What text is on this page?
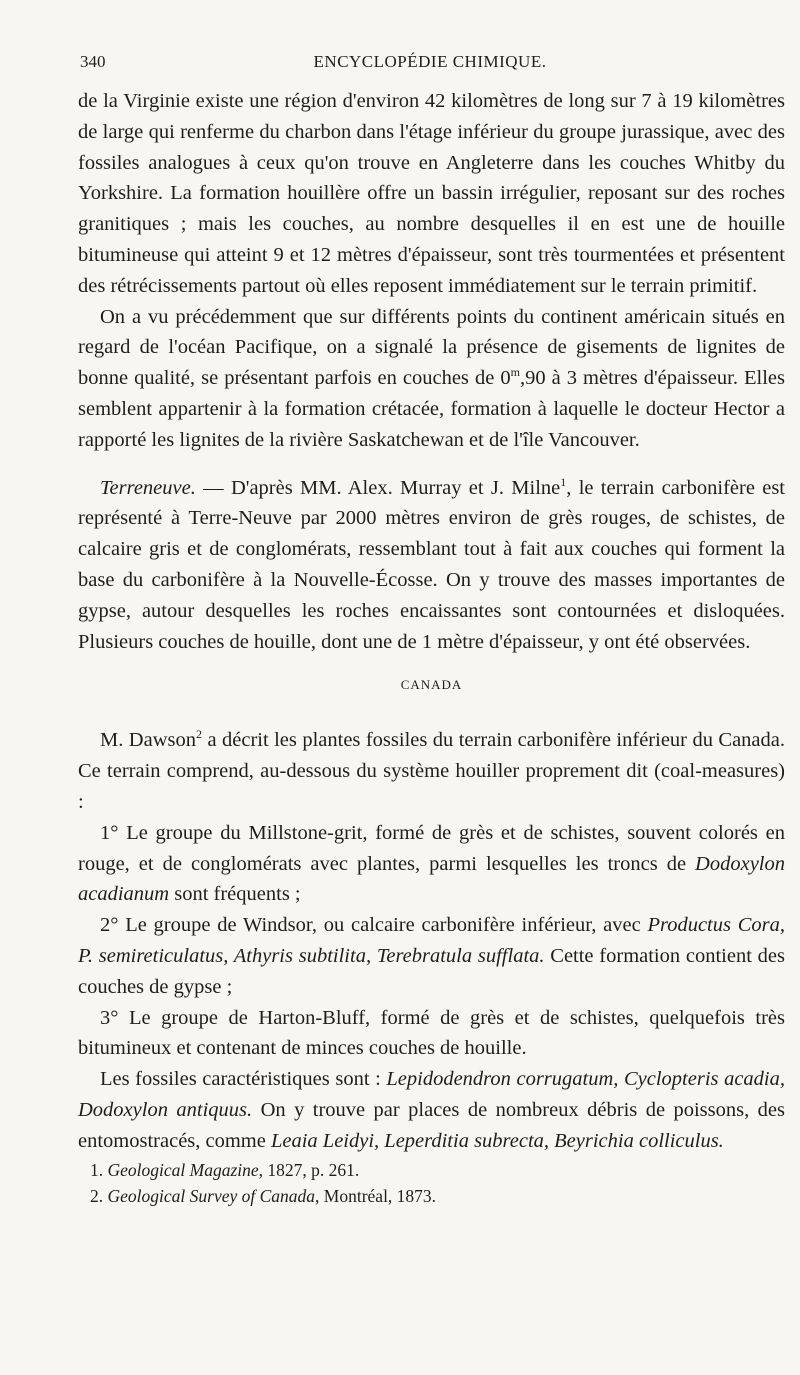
340	ENCYCLOPÉDIE CHIMIQUE.

de la Virginie existe une région d'environ 42 kilomètres de long sur 7 à 19 kilomètres de large qui renferme du charbon dans l'étage inférieur du groupe jurassique, avec des fossiles analogues à ceux qu'on trouve en Angleterre dans les couches Whitby du Yorkshire. La formation houillère offre un bassin irrégulier, reposant sur des roches granitiques ; mais les couches, au nombre desquelles il en est une de houille bitumineuse qui atteint 9 et 12 mètres d'épaisseur, sont très tourmentées et présentent des rétrécissements partout où elles reposent immédiatement sur le terrain primitif.

On a vu précédemment que sur différents points du continent américain situés en regard de l'océan Pacifique, on a signalé la présence de gisements de lignites de bonne qualité, se présentant parfois en couches de 0$^m$,90 à 3 mètres d'épaisseur. Elles semblent appartenir à la formation crétacée, formation à laquelle le docteur Hector a rapporté les lignites de la rivière Saskatchewan et de l'île Vancouver.

Terreneuve. — D'après MM. Alex. Murray et J. Milne$^1$, le terrain carbonifère est représenté à Terre-Neuve par 2000 mètres environ de grès rouges, de schistes, de calcaire gris et de conglomérats, ressemblant tout à fait aux couches qui forment la base du carbonifère à la Nouvelle-Écosse. On y trouve des masses importantes de gypse, autour desquelles les roches encaissantes sont contournées et disloquées. Plusieurs couches de houille, dont une de 1 mètre d'épaisseur, y ont été observées.

CANADA

M. Dawson$^2$ a décrit les plantes fossiles du terrain carbonifère inférieur du Canada. Ce terrain comprend, au-dessous du système houiller proprement dit (coal-measures) :

1° Le groupe du Millstone-grit, formé de grès et de schistes, souvent colorés en rouge, et de conglomérats avec plantes, parmi lesquelles les troncs de Dodoxylon acadianum sont fréquents ;

2° Le groupe de Windsor, ou calcaire carbonifère inférieur, avec Productus Cora, P. semireticulatus, Athyris subtilita, Terebratula sufflata. Cette formation contient des couches de gypse ;

3° Le groupe de Harton-Bluff, formé de grès et de schistes, quelquefois très bitumineux et contenant de minces couches de houille.

Les fossiles caractéristiques sont : Lepidodendron corrugatum, Cyclopteris acadia, Dodoxylon antiquus. On y trouve par places de nombreux débris de poissons, des entomostracés, comme Leaia Leidyi, Leperditia subrecta, Beyrichia colliculus.

1. Geological Magazine, 1827, p. 261.
2. Geological Survey of Canada, Montréal, 1873.
